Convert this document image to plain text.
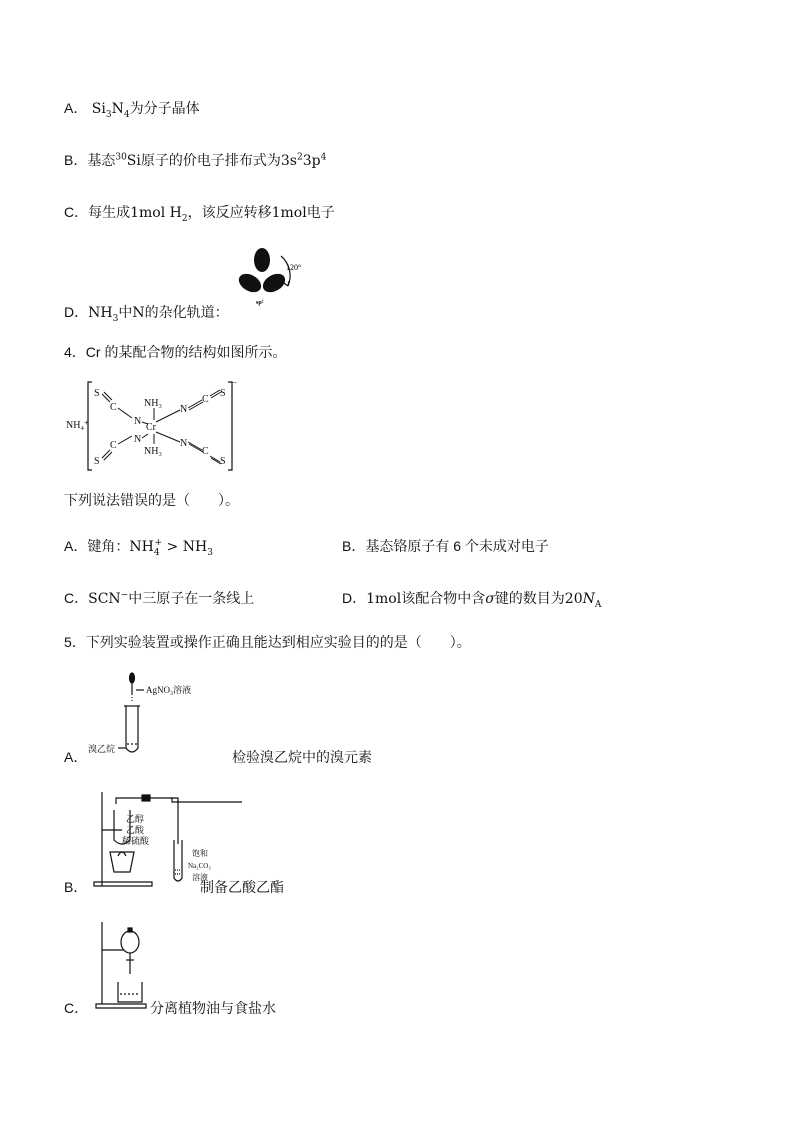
A． $Si_3N_4$为分子晶体
B．基态$^{30}$Si原子的价电子排布式为$3s^23p^4$
C．每生成1mol $H_2$，该反应转移1mol电子
D．$NH_3$中N的杂化轨道：
120°
sp²
4．Cr 的某配合物的结构如图所示。
NH₄⁺
⁻
Cr
NH₃
NH₃
N
N
N
N
C
C
C
C
S
S
S
S
下列说法错误的是（　　）。
A．键角：$NH_4^+ > NH_3$	B．基态铬原子有 6 个未成对电子
C．SCN−中三原子在一条线上	D．1mol该配合物中含σ键的数目为$20N_A$
5．下列实验装置或操作正确且能达到相应实验目的的是（　　）。
AgNO₃溶液
溴乙烷
A．	检验溴乙烷中的溴元素
乙醇
乙酸
稀硫酸
饱和
Na₂CO₃
溶液
B．	制备乙酸乙酯
C．	分离植物油与食盐水
